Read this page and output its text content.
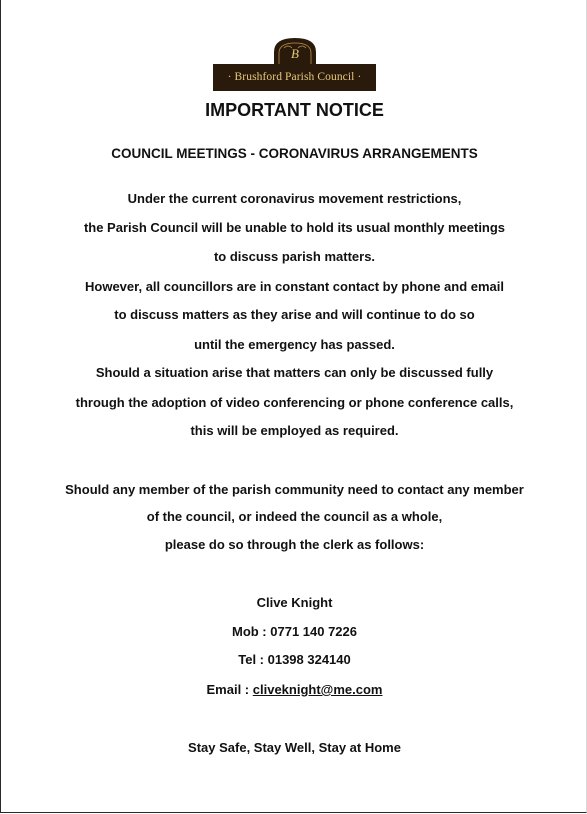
B
· Brushford Parish Council ·
IMPORTANT NOTICE
COUNCIL MEETINGS - CORONAVIRUS ARRANGEMENTS
Under the current coronavirus movement restrictions,
the Parish Council will be unable to hold its usual monthly meetings
to discuss parish matters.
However, all councillors are in constant contact by phone and email
to discuss matters as they arise and will continue to do so
until the emergency has passed.
Should a situation arise that matters can only be discussed fully
through the adoption of video conferencing or phone conference calls,
this will be employed as required.
Should any member of the parish community need to contact any member
of the council, or indeed the council as a whole,
please do so through the clerk as follows:
Clive Knight
Mob : 0771 140 7226
Tel : 01398 324140
Email : cliveknight@me.com
Stay Safe, Stay Well, Stay at Home
